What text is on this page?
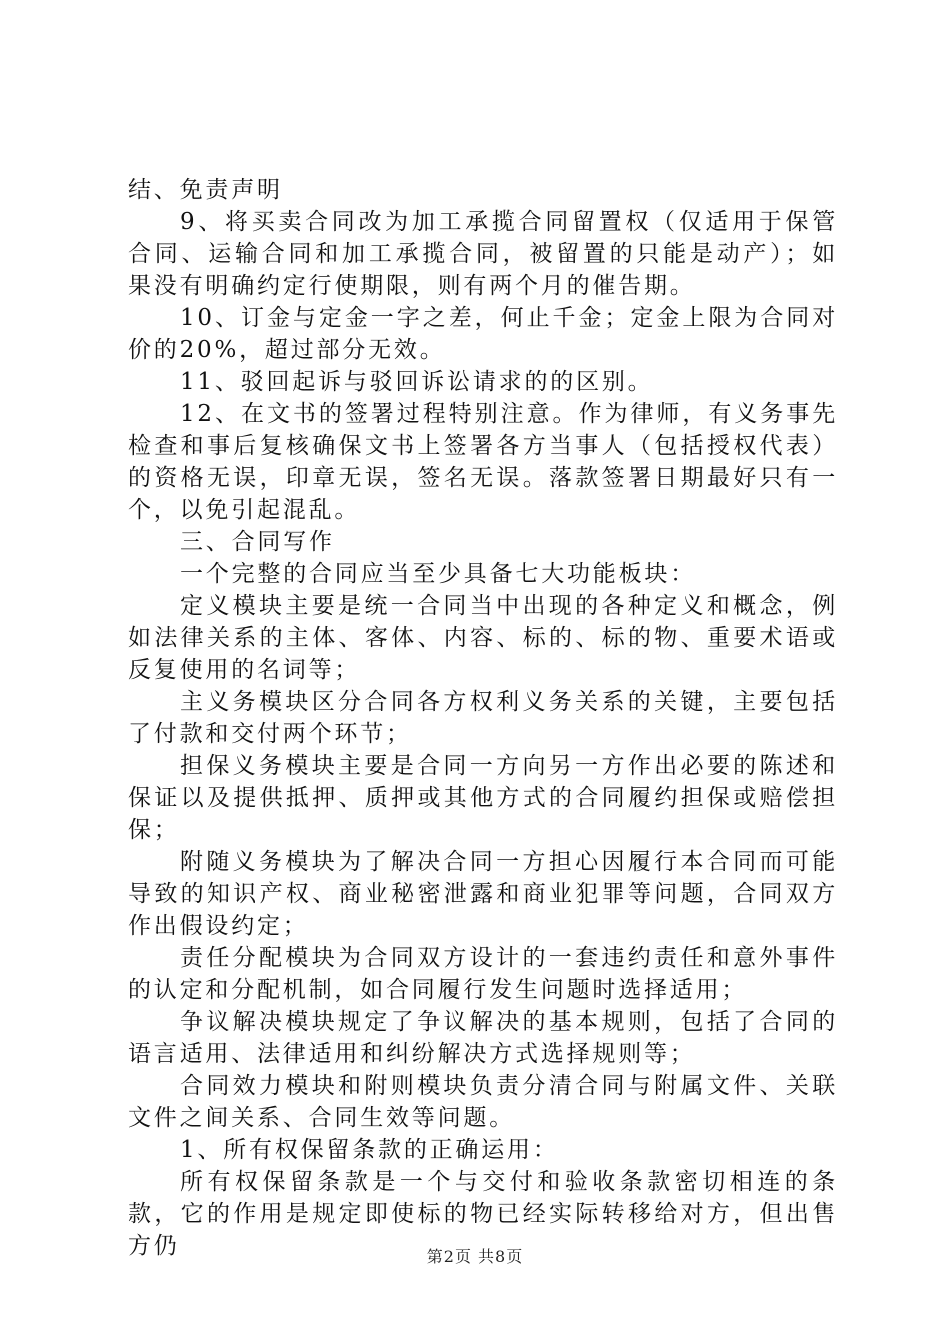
结、免责声明

9、将买卖合同改为加工承揽合同留置权（仅适用于保管合同、运输合同和加工承揽合同，被留置的只能是动产）；如果没有明确约定行使期限，则有两个月的催告期。

10、订金与定金一字之差，何止千金；定金上限为合同对价的20%，超过部分无效。

11、驳回起诉与驳回诉讼请求的的区别。

12、在文书的签署过程特别注意。作为律师，有义务事先检查和事后复核确保文书上签署各方当事人（包括授权代表）的资格无误，印章无误，签名无误。落款签署日期最好只有一个，以免引起混乱。

三、合同写作

一个完整的合同应当至少具备七大功能板块：

定义模块主要是统一合同当中出现的各种定义和概念，例如法律关系的主体、客体、内容、标的、标的物、重要术语或反复使用的名词等；

主义务模块区分合同各方权利义务关系的关键，主要包括了付款和交付两个环节；

担保义务模块主要是合同一方向另一方作出必要的陈述和保证以及提供抵押、质押或其他方式的合同履约担保或赔偿担保；

附随义务模块为了解决合同一方担心因履行本合同而可能导致的知识产权、商业秘密泄露和商业犯罪等问题，合同双方作出假设约定；

责任分配模块为合同双方设计的一套违约责任和意外事件的认定和分配机制，如合同履行发生问题时选择适用；

争议解决模块规定了争议解决的基本规则，包括了合同的语言适用、法律适用和纠纷解决方式选择规则等；

合同效力模块和附则模块负责分清合同与附属文件、关联文件之间关系、合同生效等问题。

1、所有权保留条款的正确运用：

所有权保留条款是一个与交付和验收条款密切相连的条款，它的作用是规定即使标的物已经实际转移给对方，但出售方仍	第2页 共8页
